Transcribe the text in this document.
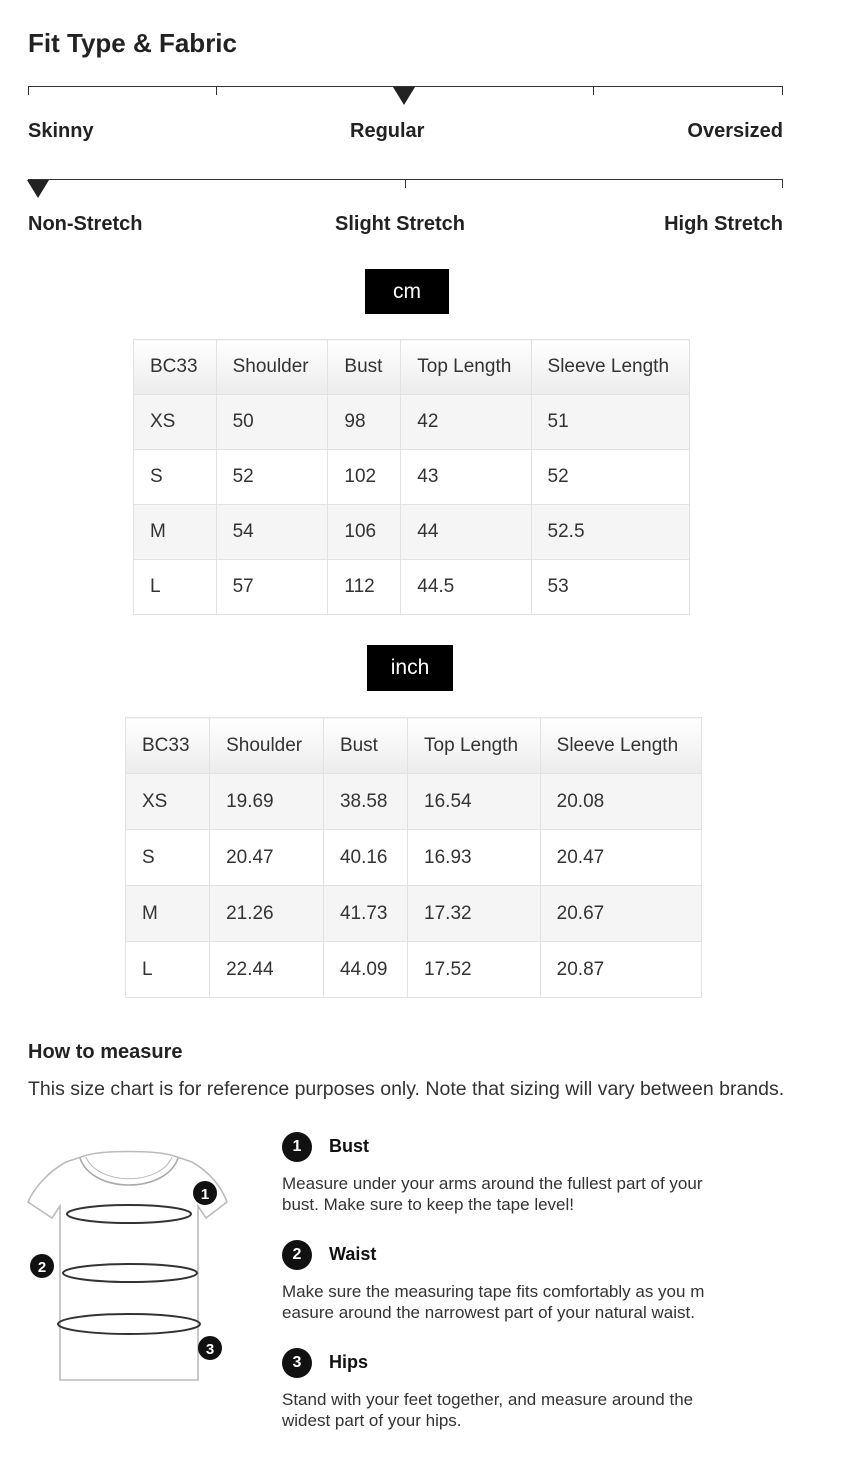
Fit Type & Fabric
Skinny	Regular	Oversized
Non-Stretch	Slight Stretch	High Stretch
cm
BC33	Shoulder	Bust	Top Length	Sleeve Length
XS	50	98	42	51
S	52	102	43	52
M	54	106	44	52.5
L	57	112	44.5	53
inch
BC33	Shoulder	Bust	Top Length	Sleeve Length
XS	19.69	38.58	16.54	20.08
S	20.47	40.16	16.93	20.47
M	21.26	41.73	17.32	20.67
L	22.44	44.09	17.52	20.87
How to measure
This size chart is for reference purposes only. Note that sizing will vary between brands.
1
2
3
1	Bust
Measure under your arms around the fullest part of your bust. Make sure to keep the tape level!
2	Waist
Make sure the measuring tape fits comfortably as you m easure around the narrowest part of your natural waist.
3	Hips
Stand with your feet together, and measure around the widest part of your hips.
